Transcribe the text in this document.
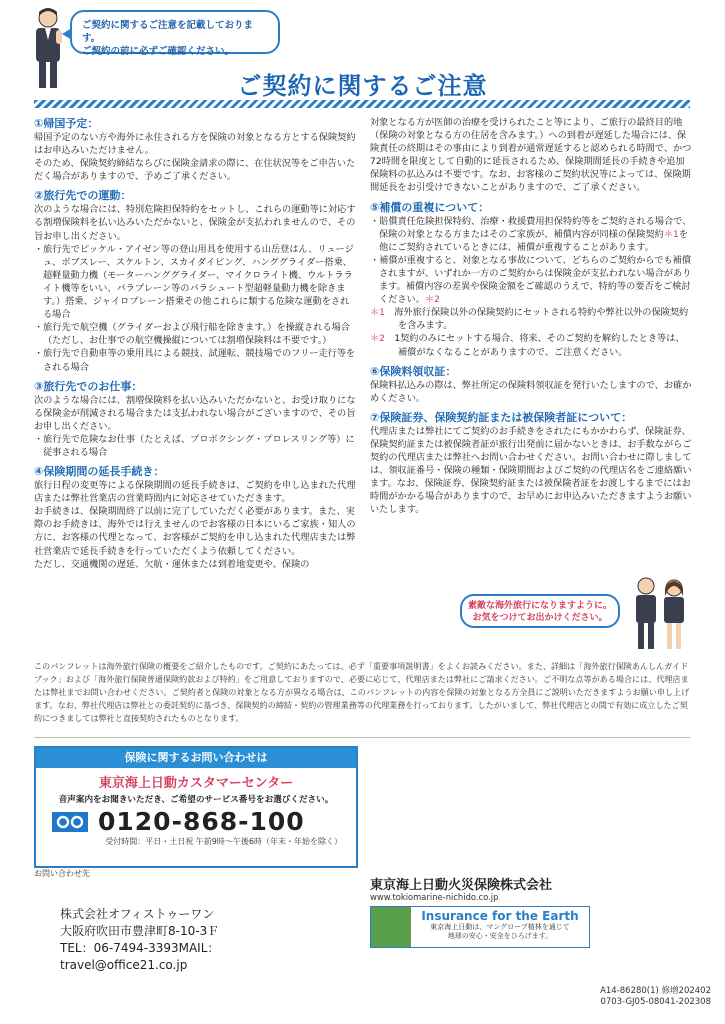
ご契約に関するご注意を記載しております。
ご契約の前に必ずご確認ください。
ご契約に関するご注意
①帰国予定：

帰国予定のない方や海外に永住される方を保険の対象となる方とする保険契約はお申込みいただけません。

そのため、保険契約締結ならびに保険金請求の際に、在住状況等をご申告いただく場合がありますので、予めご了承ください。

②旅行先での運動：

次のような場合には、特別危険担保特約をセットし、これらの運動等に対応する割増保険料を払い込みいただかないと、保険金が支払われませんので、その旨お申し出ください。

・旅行先でピッケル・アイゼン等の登山用具を使用する山岳登はん、リュージュ、ボブスレー、スケルトン、スカイダイビング、ハンググライダー搭乗、超軽量動力機（モーターハンググライダー、マイクロライト機、ウルトラライト機等をいい、パラプレーン等のパラシュート型超軽量動力機を除きます。）搭乗、ジャイロプレーン搭乗その他これらに類する危険な運動をされる場合

・旅行先で航空機（グライダーおよび飛行船を除きます。）を操縦される場合（ただし、お仕事での航空機操縦については割増保険料は不要です。）

・旅行先で自動車等の乗用具による競技、試運転、競技場でのフリー走行等をされる場合

③旅行先でのお仕事：

次のような場合には、割増保険料を払い込みいただかないと、お受け取りになる保険金が削減される場合または支払われない場合がございますので、その旨お申し出ください。

・旅行先で危険なお仕事（たとえば、プロボクシング・プロレスリング等）に従事される場合

④保険期間の延長手続き：

旅行日程の変更等による保険期間の延長手続きは、ご契約を申し込まれた代理店または弊社営業店の営業時間内に対応させていただきます。

お手続きは、保険期間終了以前に完了していただく必要があります。また、実際のお手続きは、海外では行えませんのでお客様の日本にいるご家族・知人の方に、お客様の代理となって、お客様がご契約を申し込まれた代理店または弊社営業店で延長手続きを行っていただくよう依頼してください。

ただし、交通機関の遅延、欠航・運休または到着地変更や、保険の

対象となる方が医師の治療を受けられたこと等により、ご旅行の最終目的地（保険の対象となる方の住居を含みます。）への到着が遅延した場合には、保険責任の終期はその事由により到着が通常遅延すると認められる時間で、かつ72時間を限度として自動的に延長されるため、保険期間延長の手続きや追加保険料の払込みは不要です。なお、お客様のご契約状況等によっては、保険期間延長をお引受けできないことがありますので、ご了承ください。

⑤補償の重複について：

・賠償責任危険担保特約、治療・救援費用担保特約等をご契約される場合で、保険の対象となる方またはそのご家族が、補償内容が同様の保険契約＊1を他にご契約されているときには、補償が重複することがあります。

・補償が重複すると、対象となる事故について、どちらのご契約からでも補償されますが、いずれか一方のご契約からは保険金が支払われない場合があります。補償内容の差異や保険金額をご確認のうえで、特約等の要否をご検討ください。＊2

＊1　 海外旅行保険以外の保険契約にセットされる特約や弊社以外の保険契約を含みます。

＊2　 1契約のみにセットする場合、将来、そのご契約を解約したとき等は、補償がなくなることがありますので、ご注意ください。

⑥保険料領収証：

保険料払込みの際は、弊社所定の保険料領収証を発行いたしますので、お確かめください。

⑦保険証券、保険契約証または被保険者証について：

代理店または弊社にてご契約のお手続きをされたにもかかわらず、保険証券、保険契約証または被保険者証が旅行出発前に届かないときは、お手数ながらご契約の代理店または弊社へお問い合わせください。お問い合わせに際しましては、領収証番号・保険の種類・保険期間およびご契約の代理店名をご連絡願います。なお、保険証券、保険契約証または被保険者証をお渡しするまでにはお時間がかかる場合がありますので、お早めにお申込みいただきますようお願いいたします。

素敵な海外旅行になりますように。
お気をつけてお出かけください。
このパンフレットは海外旅行保険の概要をご紹介したものです。ご契約にあたっては、必ず「重要事項説明書」をよくお読みください。また、詳細は「海外旅行保険あんしんガイドブック」および「海外旅行保険普通保険約款および特約」をご用意しておりますので、必要に応じて、代理店または弊社にご請求ください。ご不明な点等がある場合には、代理店または弊社までお問い合わせください。ご契約者と保険の対象となる方が異なる場合は、このパンフレットの内容を保険の対象となる方全員にご説明いただきますようお願い申し上げます。なお、弊社代理店は弊社との委託契約に基づき、保険契約の締結・契約の管理業務等の代理業務を行っております。したがいまして、弊社代理店との間で有効に成立したご契約につきましては弊社と直接契約されたものとなります。
保険に関するお問い合わせは
東京海上日動カスタマーセンター
音声案内をお聞きいただき、ご希望のサービス番号をお選びください。
0120-868-100
受付時間：平日・土日祝 午前9時〜午後6時（年末・年始を除く）
お問い合わせ先
株式会社オフィストゥーワン
大阪府吹田市豊津町8-10-3Ｆ
TEL：06-7494-3393MAIL：
travel@office21.co.jp
東京海上日動火災保険株式会社
www.tokiomarine-nichido.co.jp
Insurance for the Earth
東京海上日動は、マングローブ植林を通じて
地球の安心・安全をひろげます。
A14-86280(1) 修増202402
0703-GJ05-08041-202308
